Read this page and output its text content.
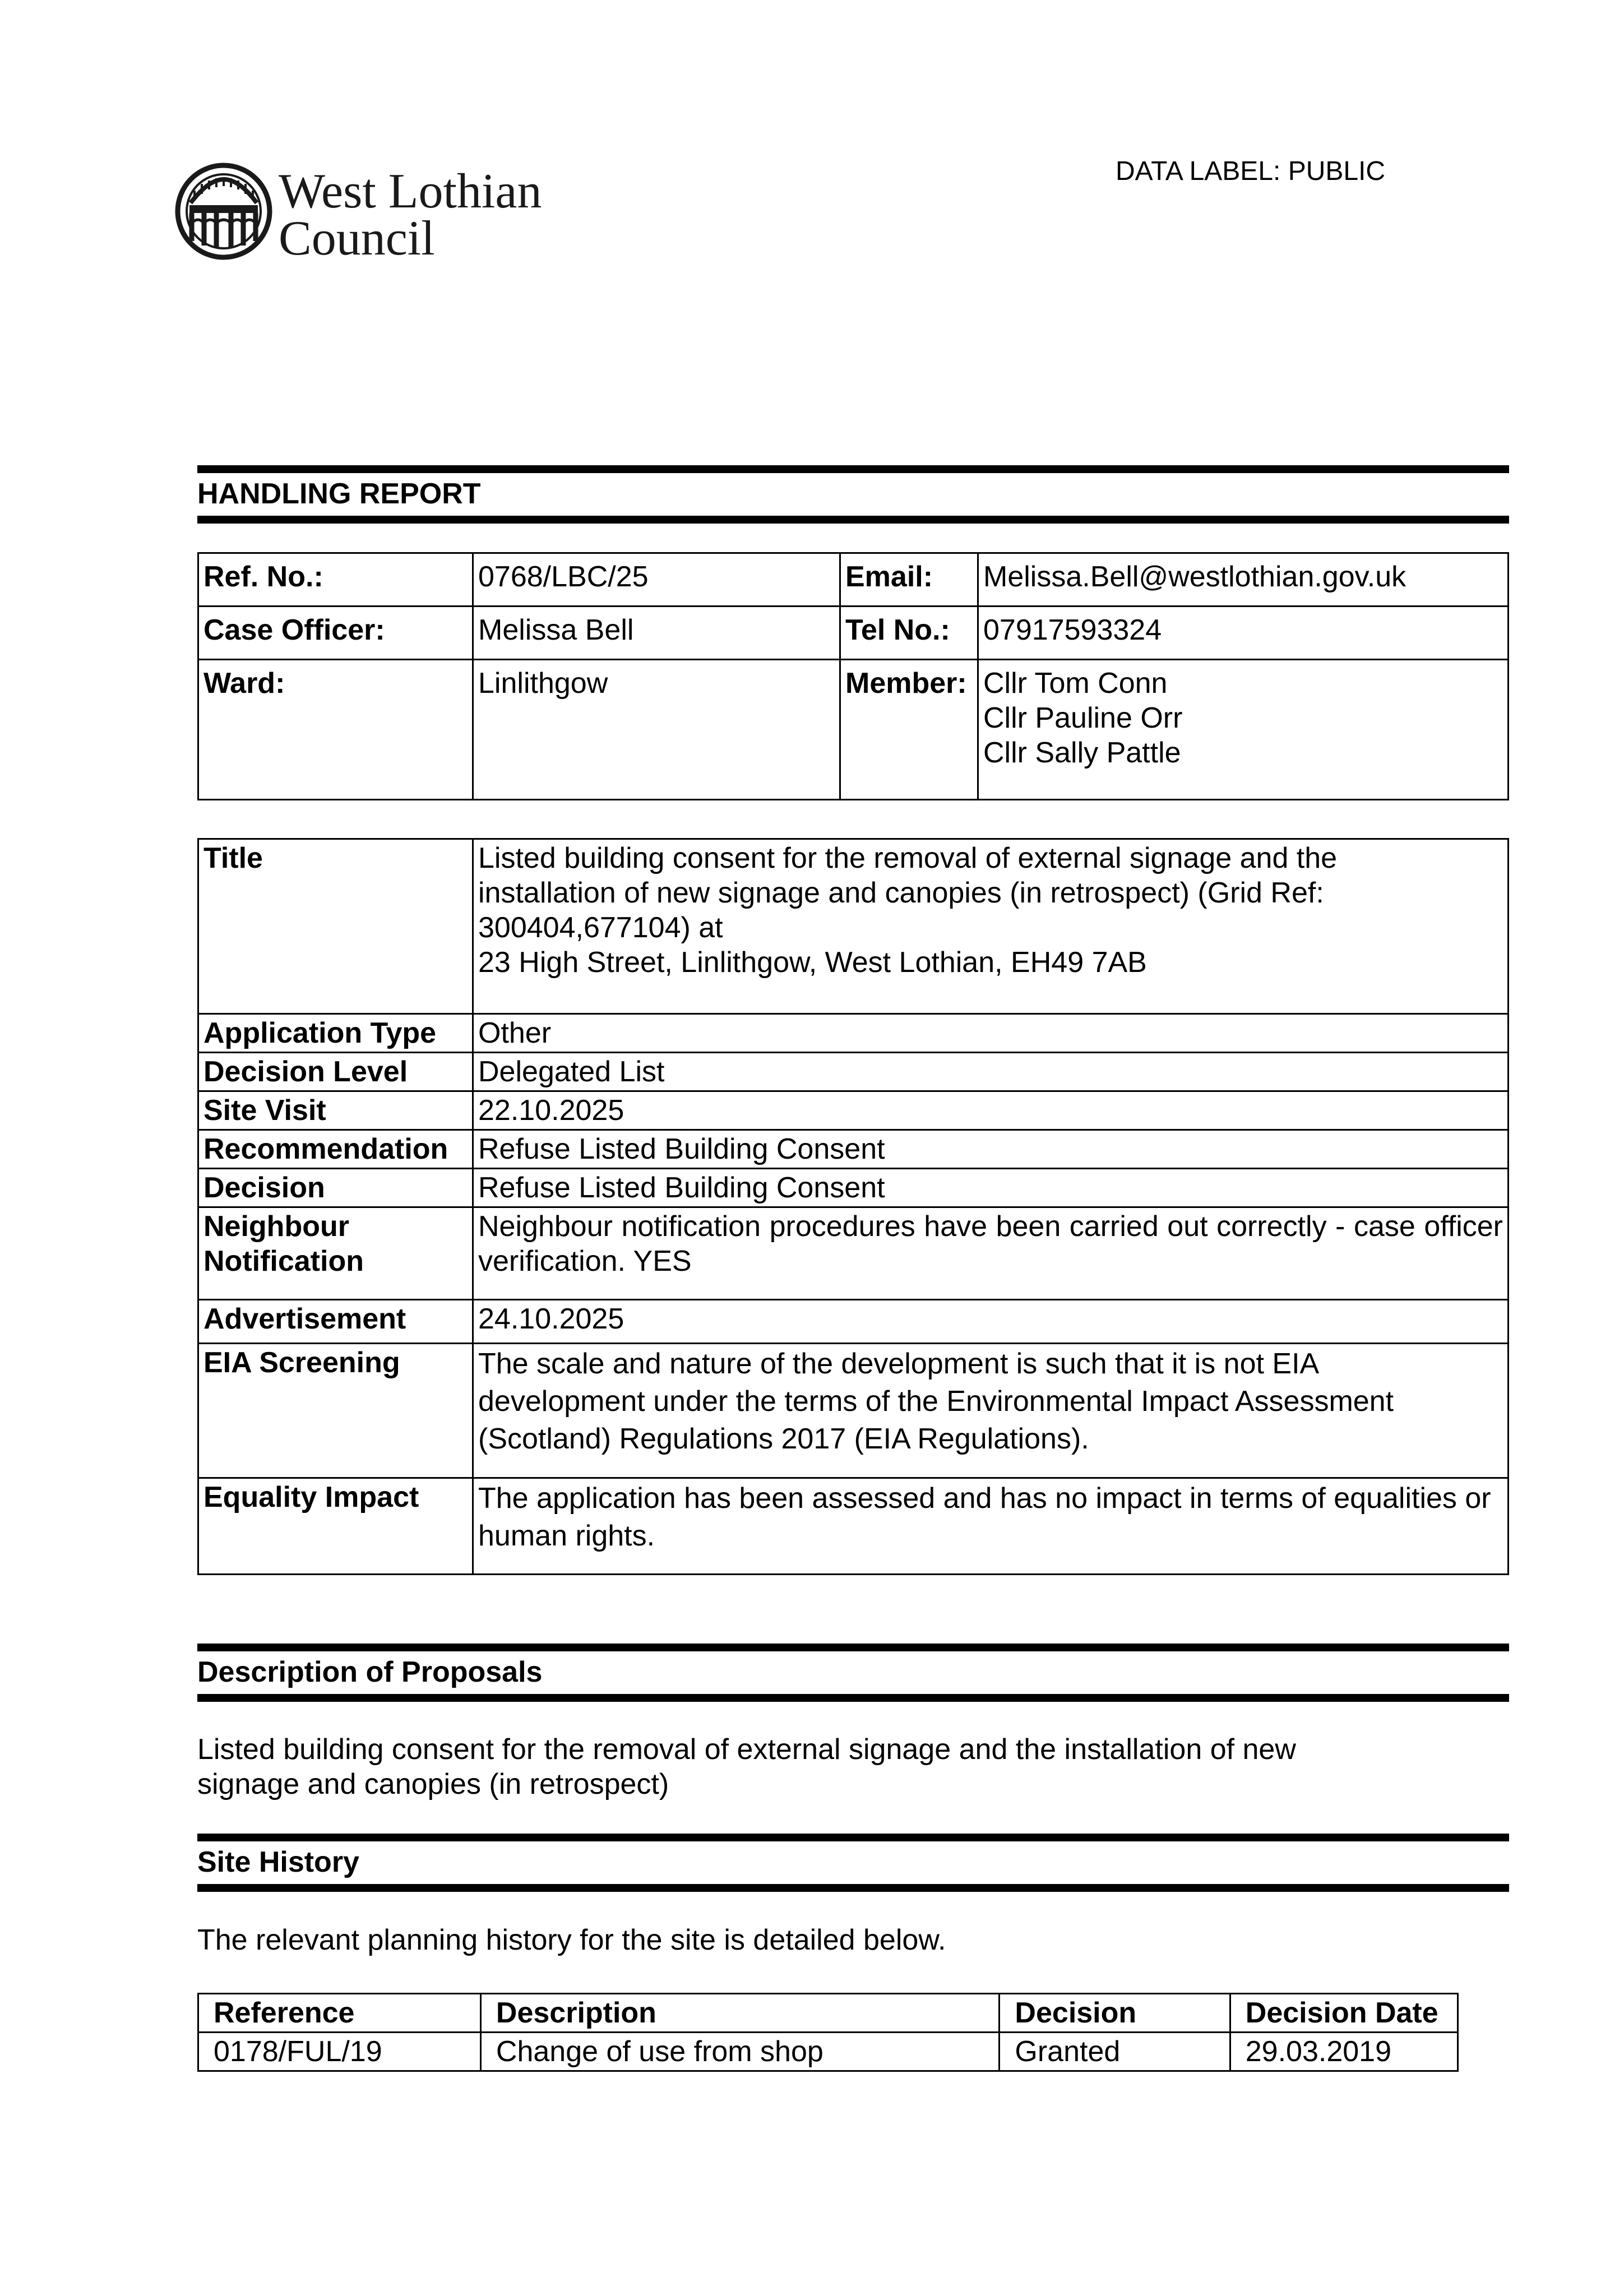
West Lothian
Council
DATA LABEL: PUBLIC
HANDLING REPORT
Ref. No.:	0768/LBC/25	Email:	Melissa.Bell@westlothian.gov.uk
Case Officer:	Melissa Bell	Tel No.:	07917593324
Ward:	Linlithgow	Member:	Cllr Tom Conn
Cllr Pauline Orr
Cllr Sally Pattle
Title	Listed building consent for the removal of external signage and the
installation of new signage and canopies (in retrospect) (Grid Ref:
300404,677104) at
23 High Street, Linlithgow, West Lothian, EH49 7AB

Application Type	Other
Decision Level	Delegated List
Site Visit	22.10.2025
Recommendation	Refuse Listed Building Consent
Decision	Refuse Listed Building Consent

Neighbour
Notification	Neighbour notification procedures have been carried out correctly - case officer verification. YES
Advertisement	24.10.2025
EIA Screening	The scale and nature of the development is such that it is not EIA
development under the terms of the Environmental Impact Assessment
(Scotland) Regulations 2017 (EIA Regulations).

Equality Impact	The application has been assessed and has no impact in terms of equalities or human rights.
Description of Proposals
Listed building consent for the removal of external signage and the installation of new
signage and canopies (in retrospect)
Site History
The relevant planning history for the site is detailed below.
Reference	Description	Decision	Decision Date
0178/FUL/19	Change of use from shop	Granted	29.03.2019
